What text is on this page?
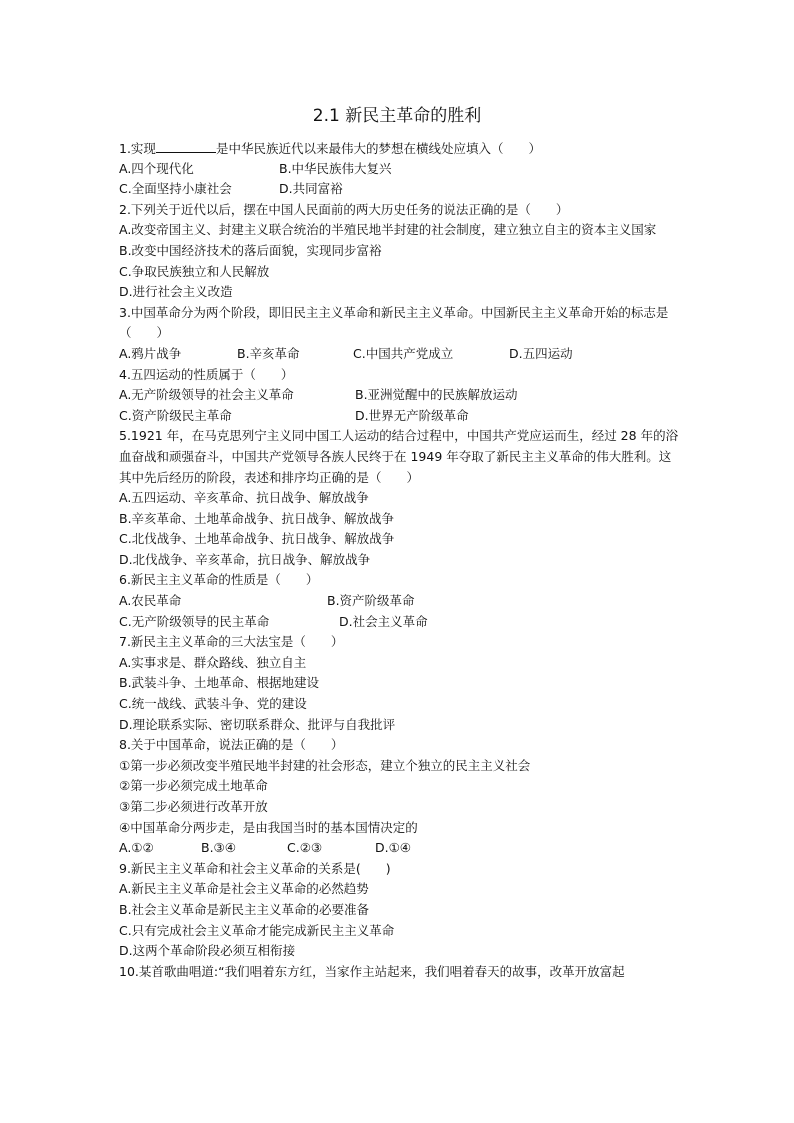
2.1 新民主革命的胜利
1.实现	是中华民族近代以来最伟大的梦想在横线处应填入（　　）
A.四个现代化	B.中华民族伟大复兴
C.全面坚持小康社会	D.共同富裕
2.下列关于近代以后，摆在中国人民面前的两大历史任务的说法正确的是（　　）
A.改变帝国主义、封建主义联合统治的半殖民地半封建的社会制度，建立独立自主的资本主义国家
B.改变中国经济技术的落后面貌，实现同步富裕
C.争取民族独立和人民解放
D.进行社会主义改造
3.中国革命分为两个阶段，即旧民主主义革命和新民主主义革命。中国新民主主义革命开始的标志是（　　）
A.鸦片战争	B.辛亥革命	C.中国共产党成立	D.五四运动
4.五四运动的性质属于（　　）
A.无产阶级领导的社会主义革命	B.亚洲觉醒中的民族解放运动
C.资产阶级民主革命	D.世界无产阶级革命
5.1921 年，在马克思列宁主义同中国工人运动的结合过程中，中国共产党应运而生，经过 28 年的浴血奋战和顽强奋斗，中国共产党领导各族人民终于在 1949 年夺取了新民主主义革命的伟大胜利。这其中先后经历的阶段，表述和排序均正确的是（　　）
A.五四运动、辛亥革命、抗日战争、解放战争
B.辛亥革命、土地革命战争、抗日战争、解放战争
C.北伐战争、土地革命战争、抗日战争、解放战争
D.北伐战争、辛亥革命，抗日战争、解放战争
6.新民主主义革命的性质是（　　）
A.农民革命	B.资产阶级革命
C.无产阶级领导的民主革命	D.社会主义革命
7.新民主主义革命的三大法宝是（　　）
A.实事求是、群众路线、独立自主
B.武装斗争、土地革命、根据地建设
C.统一战线、武装斗争、党的建设
D.理论联系实际、密切联系群众、批评与自我批评
8.关于中国革命，说法正确的是（　　）
①第一步必须改变半殖民地半封建的社会形态，建立个独立的民主主义社会
②第一步必须完成土地革命
③第二步必须进行改革开放
④中国革命分两步走，是由我国当时的基本国情决定的
A.①②	B.③④	C.②③	D.①④
9.新民主主义革命和社会主义革命的关系是(　　)
A.新民主主义革命是社会主义革命的必然趋势
B.社会主义革命是新民主主义革命的必要准备
C.只有完成社会主义革命才能完成新民主主义革命
D.这两个革命阶段必须互相衔接
10.某首歌曲唱道:“我们唱着东方红，当家作主站起来，我们唱着春天的故事，改革开放富起
